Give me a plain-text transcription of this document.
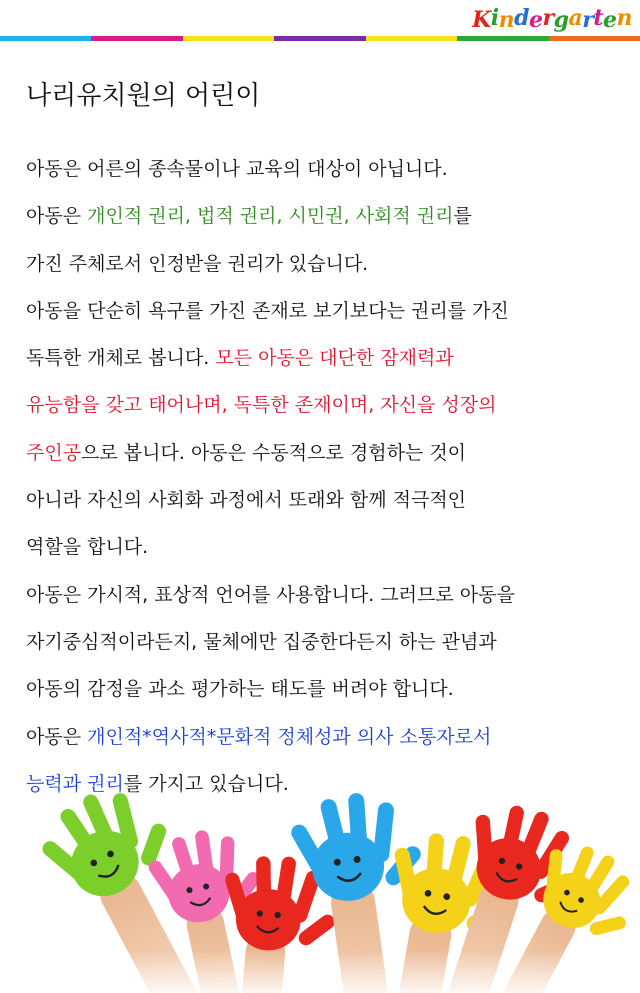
Kindergarten
나리유치원의 어린이
아동은 어른의 종속물이나 교육의 대상이 아닙니다.
아동은 개인적 권리, 법적 권리, 시민권, 사회적 권리를
가진 주체로서 인정받을 권리가 있습니다.
아동을 단순히 욕구를 가진 존재로 보기보다는 권리를 가진
독특한 개체로 봅니다. 모든 아동은 대단한 잠재력과
유능함을 갖고 태어나며, 독특한 존재이며, 자신을 성장의
주인공으로 봅니다. 아동은 수동적으로 경험하는 것이
아니라 자신의 사회화 과정에서 또래와 함께 적극적인
역할을 합니다.
아동은 가시적, 표상적 언어를 사용합니다. 그러므로 아동을
자기중심적이라든지, 물체에만 집중한다든지 하는 관념과
아동의 감정을 과소 평가하는 태도를 버려야 합니다.
아동은 개인적*역사적*문화적 정체성과 의사 소통자로서
능력과 권리를 가지고 있습니다.
